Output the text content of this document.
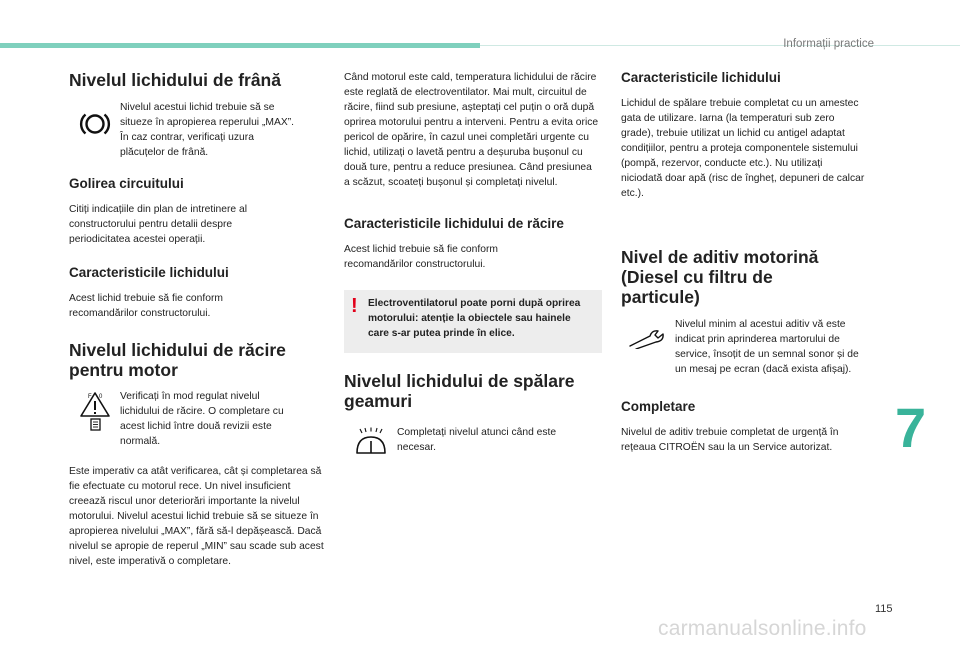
Informații practice
Nivelul lichidului de frână

Nivelul acestui lichid trebuie să se situeze în apropierea reperului „MAX”. În caz contrar, verificați uzura plăcuțelor de frână.

Golirea circuitului

Citiți indicațiile din plan de intretinere al constructorului pentru detalii despre periodicitatea acestei operații.

Caracteristicile lichidului

Acest lichid trebuie să fie conform recomandărilor constructorului.

Nivelul lichidului de răcire pentru motor
F 0 Verificați în mod regulat nivelul lichidului de răcire. O completare cu acest lichid între două revizii este normală.

Este imperativ ca atât verificarea, cât și completarea să fie efectuate cu motorul rece. Un nivel insuficient creează riscul unor deteriorări importante la nivelul motorului. Nivelul acestui lichid trebuie să se situeze în apropierea nivelului „MAX”, fără să-l depășească. Dacă nivelul se apropie de reperul „MIN” sau scade sub acest nivel, este imperativă o completare.

Când motorul este cald, temperatura lichidului de răcire este reglată de electroventilator. Mai mult, circuitul de răcire, fiind sub presiune, așteptați cel puțin o oră după oprirea motorului pentru a interveni. Pentru a evita orice pericol de opărire, în cazul unei completări urgente cu lichid, utilizați o lavetă pentru a deșuruba bușonul cu două ture, pentru a reduce presiunea. Când presiunea a scăzut, scoateți bușonul și completați nivelul.

Caracteristicile lichidului de răcire

Acest lichid trebuie să fie conform recomandărilor constructorului.

! Electroventilatorul poate porni după oprirea motorului: atenție la obiectele sau hainele care s-ar putea prinde în elice.

Nivelul lichidului de spălare geamuri

Completați nivelul atunci când este necesar.

Caracteristicile lichidului

Lichidul de spălare trebuie completat cu un amestec gata de utilizare. Iarna (la temperaturi sub zero grade), trebuie utilizat un lichid cu antigel adaptat condițiilor, pentru a proteja componentele sistemului (pompă, rezervor, conducte etc.). Nu utilizați niciodată doar apă (risc de îngheț, depuneri de calcar etc.).

Nivel de aditiv motorină (Diesel cu filtru de particule)

Nivelul minim al acestui aditiv vă este indicat prin aprinderea martorului de service, însoțit de un semnal sonor și de un mesaj pe ecran (dacă exista afișaj).

Completare

Nivelul de aditiv trebuie completat de urgență în rețeaua CITROËN sau la un Service autorizat.	7
115
carmanualsonline.info
